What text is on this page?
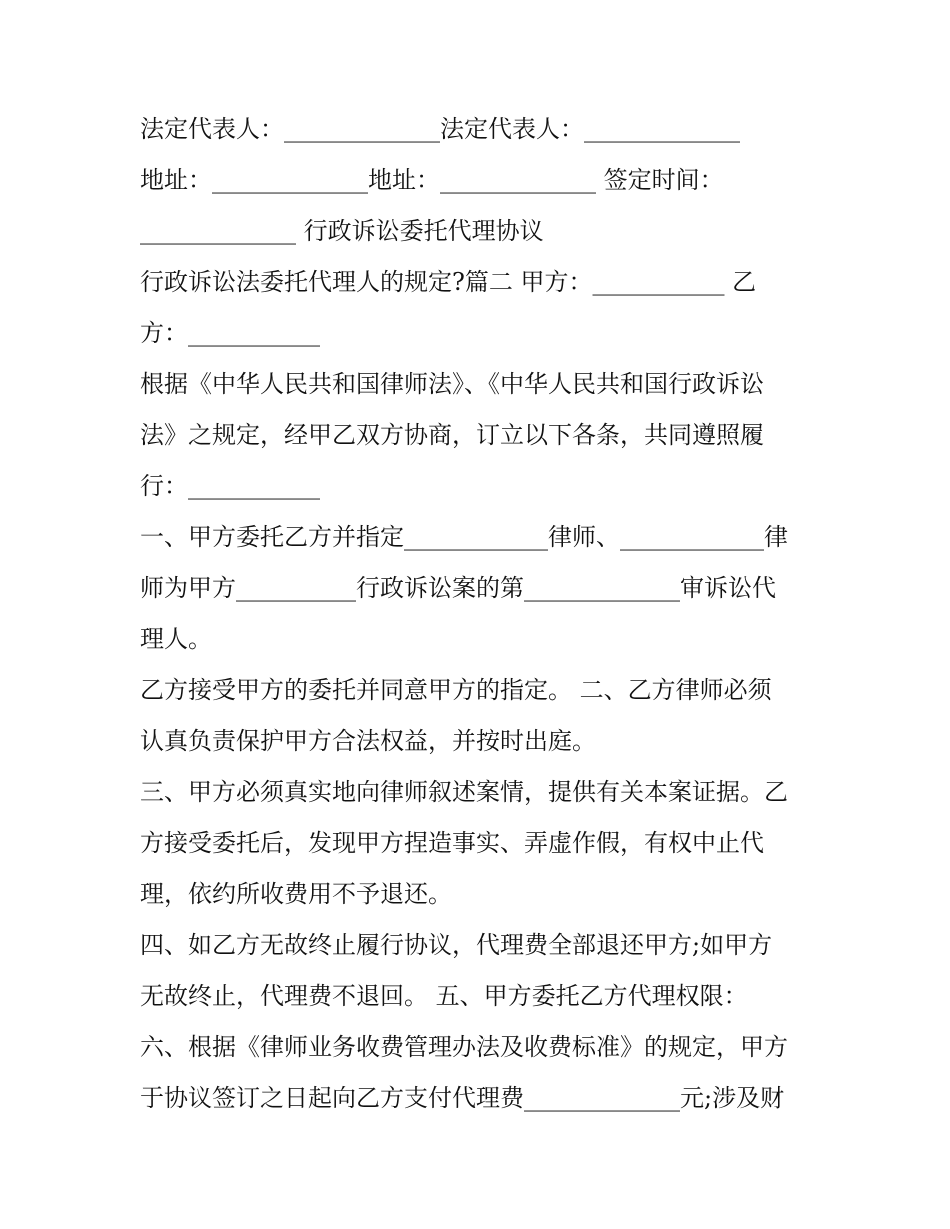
法定代表人：_____________法定代表人：_____________
地址：_____________地址：_____________ 签定时间：
_____________ 行政诉讼委托代理协议
行政诉讼法委托代理人的规定?篇二 甲方：___________ 乙
方：___________
根据《中华人民共和国律师法》、《中华人民共和国行政诉讼
法》之规定，经甲乙双方协商，订立以下各条，共同遵照履
行：___________
一、甲方委托乙方并指定____________律师、____________律
师为甲方__________行政诉讼案的第_____________审诉讼代
理人。
乙方接受甲方的委托并同意甲方的指定。 二、乙方律师必须
认真负责保护甲方合法权益，并按时出庭。
三、甲方必须真实地向律师叙述案情，提供有关本案证据。乙
方接受委托后，发现甲方捏造事实、弄虚作假，有权中止代
理，依约所收费用不予退还。
四、如乙方无故终止履行协议，代理费全部退还甲方;如甲方
无故终止，代理费不退回。 五、甲方委托乙方代理权限：
六、根据《律师业务收费管理办法及收费标准》的规定，甲方
于协议签订之日起向乙方支付代理费_____________元;涉及财
